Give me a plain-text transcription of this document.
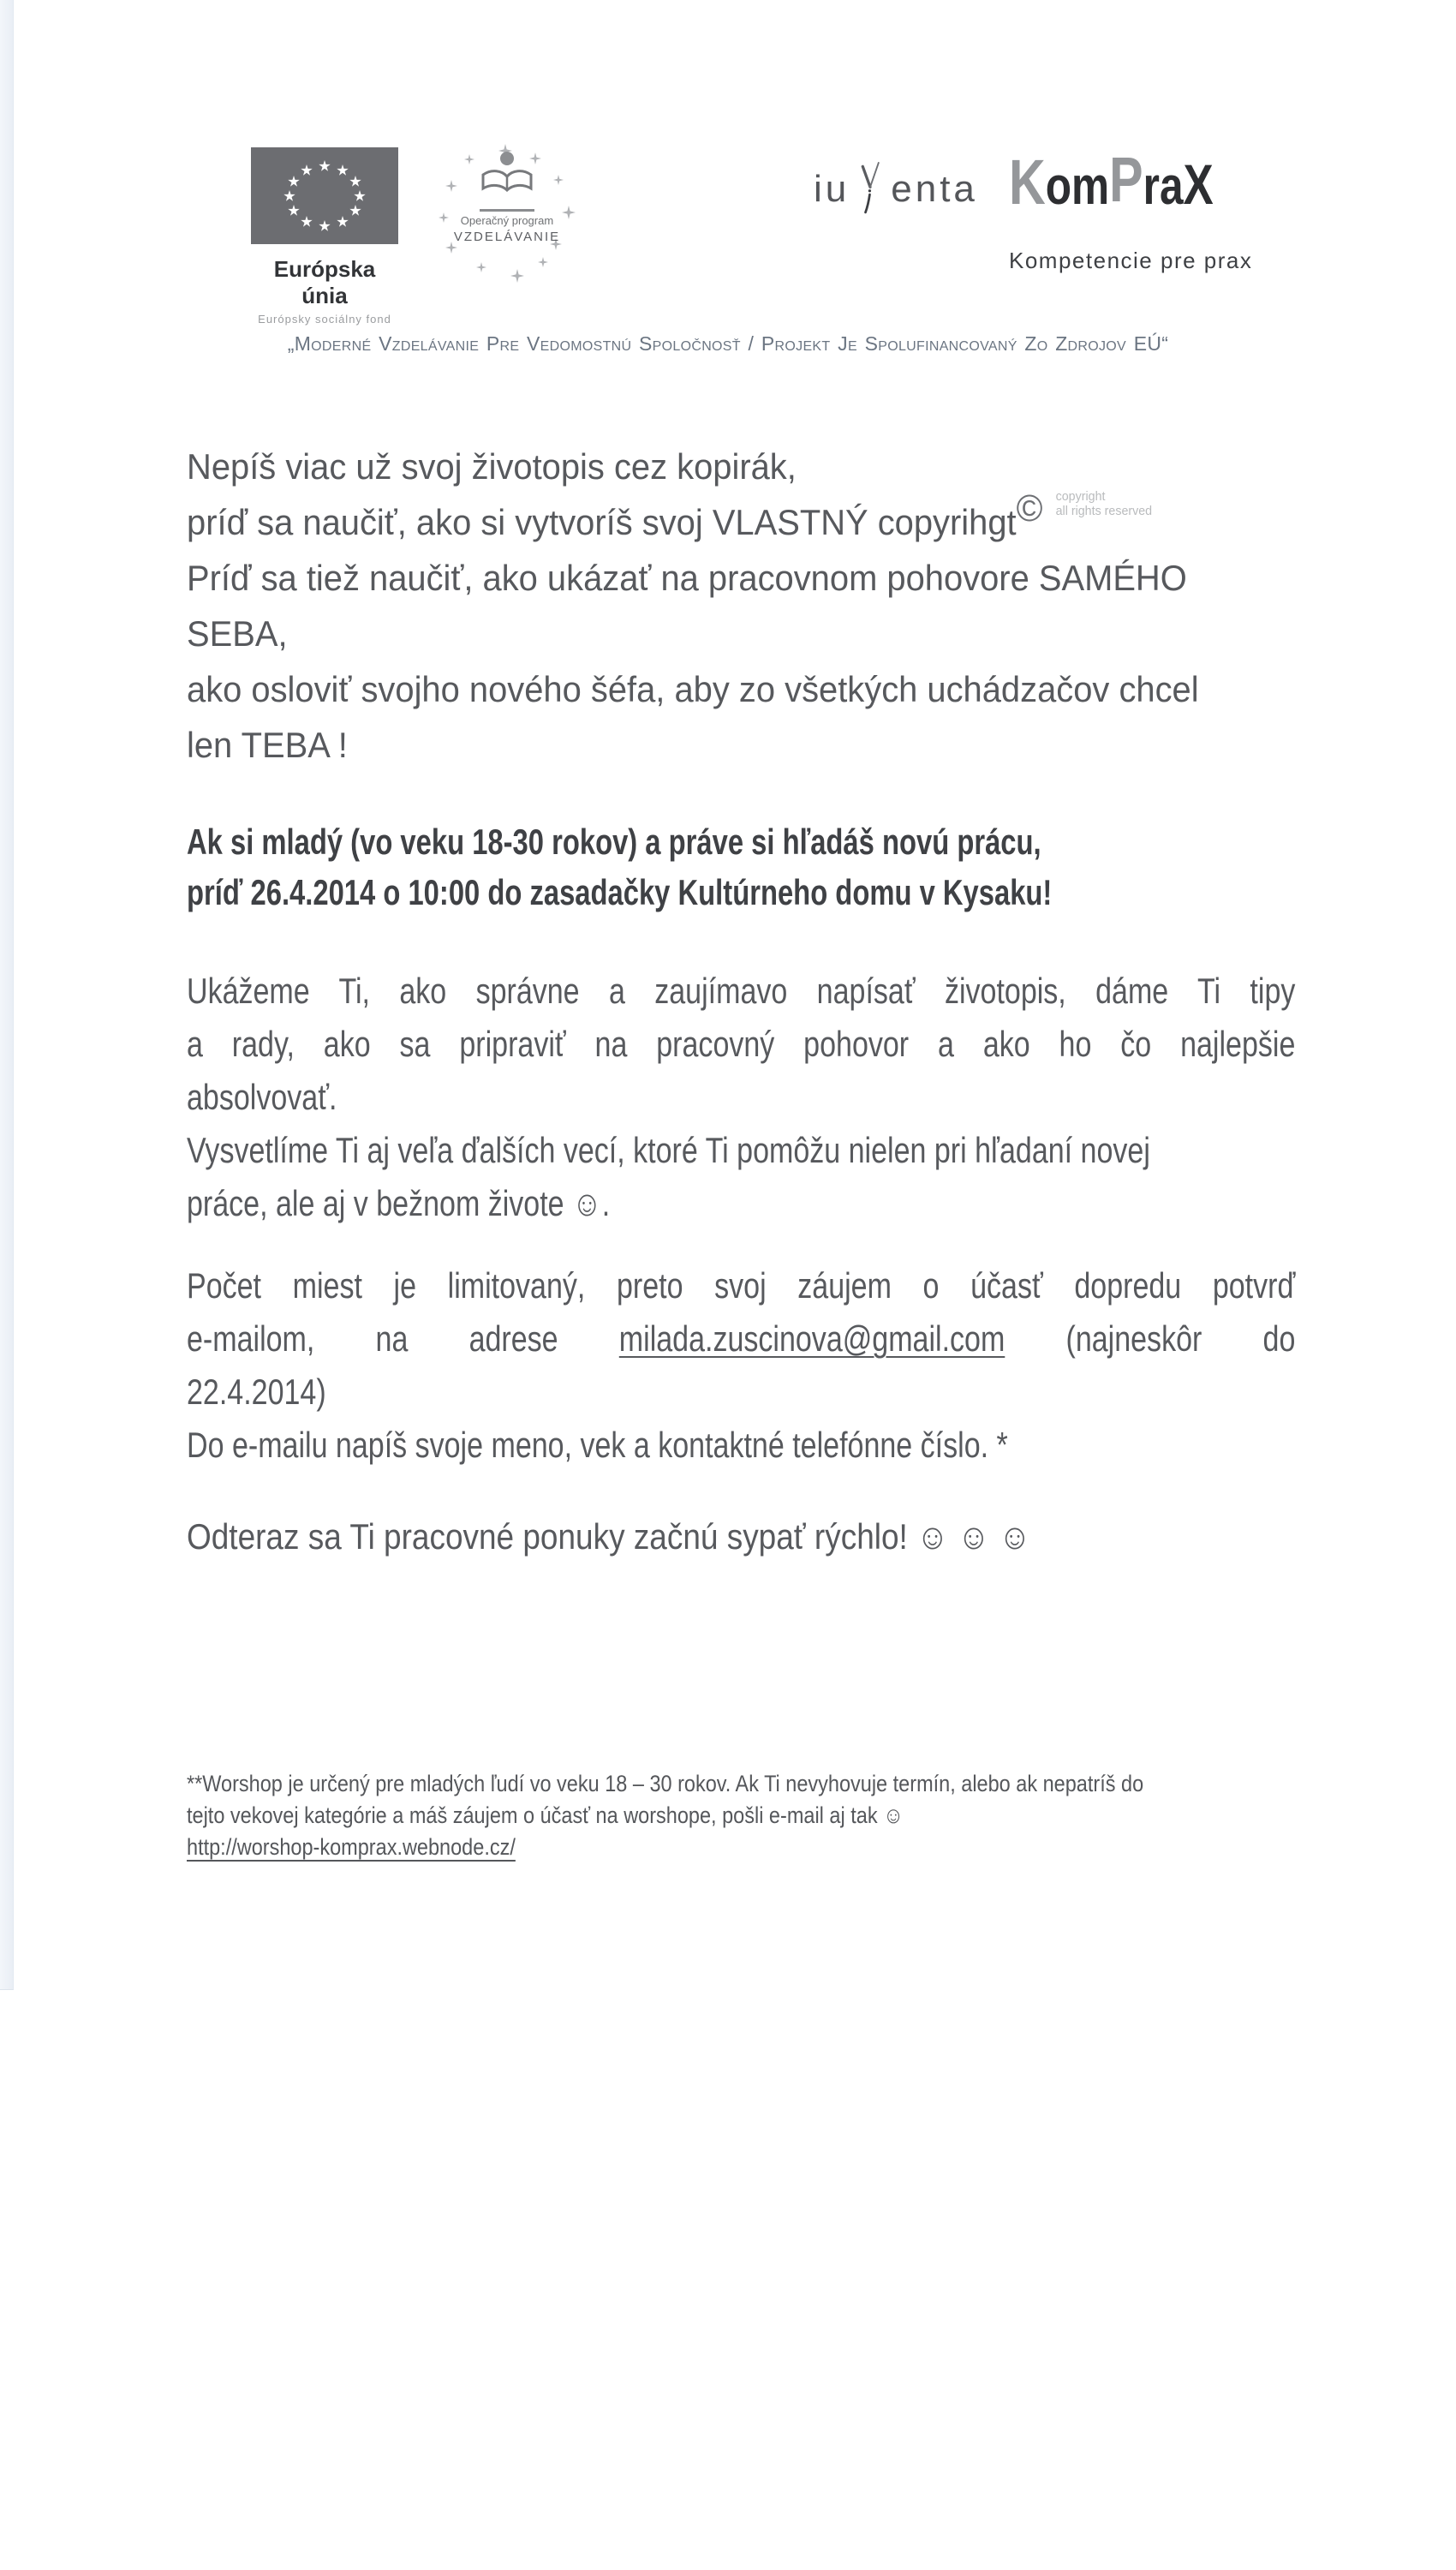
Európska únia
Európsky sociálny fond
Operačný program
VZDELÁVANIE
iu enta KomPraX
Kompetencie pre prax
„Moderné Vzdelávanie Pre Vedomostnú Spoločnosť / Projekt Je Spolufinancovaný Zo Zdrojov EÚ“
Nepíš viac už svoj životopis cez kopirák,
príď sa naučiť, ako si vytvoríš svoj VLASTNÝ copyrihgt© copyright
all rights reserved
Príď sa tiež naučiť, ako ukázať na pracovnom pohovore SAMÉHO
SEBA,
ako osloviť svojho nového šéfa, aby zo všetkých uchádzačov chcel
len TEBA !
Ak si mladý (vo veku 18-30 rokov) a práve si hľadáš novú prácu,
príď 26.4.2014 o 10:00 do zasadačky Kultúrneho domu v Kysaku!
Ukážeme Ti, ako správne a zaujímavo napísať životopis, dáme Ti tipy
a rady, ako sa pripraviť na pracovný pohovor a ako ho čo najlepšie
absolvovať.
Vysvetlíme Ti aj veľa ďalších vecí, ktoré Ti pomôžu nielen pri hľadaní novej
práce, ale aj v bežnom živote ☺.
Počet miest je limitovaný, preto svoj záujem o účasť dopredu potvrď
e-mailom, na adrese milada.zuscinova@gmail.com (najneskôr do
22.4.2014)
Do e-mailu napíš svoje meno, vek a kontaktné telefónne číslo. *
Odteraz sa Ti pracovné ponuky začnú sypať rýchlo! ☺ ☺ ☺
**Worshop je určený pre mladých ľudí vo veku 18 – 30 rokov. Ak Ti nevyhovuje termín, alebo ak nepatríš do
tejto vekovej kategórie a máš záujem o účasť na worshope, pošli e-mail aj tak ☺
http://worshop-komprax.webnode.cz/
